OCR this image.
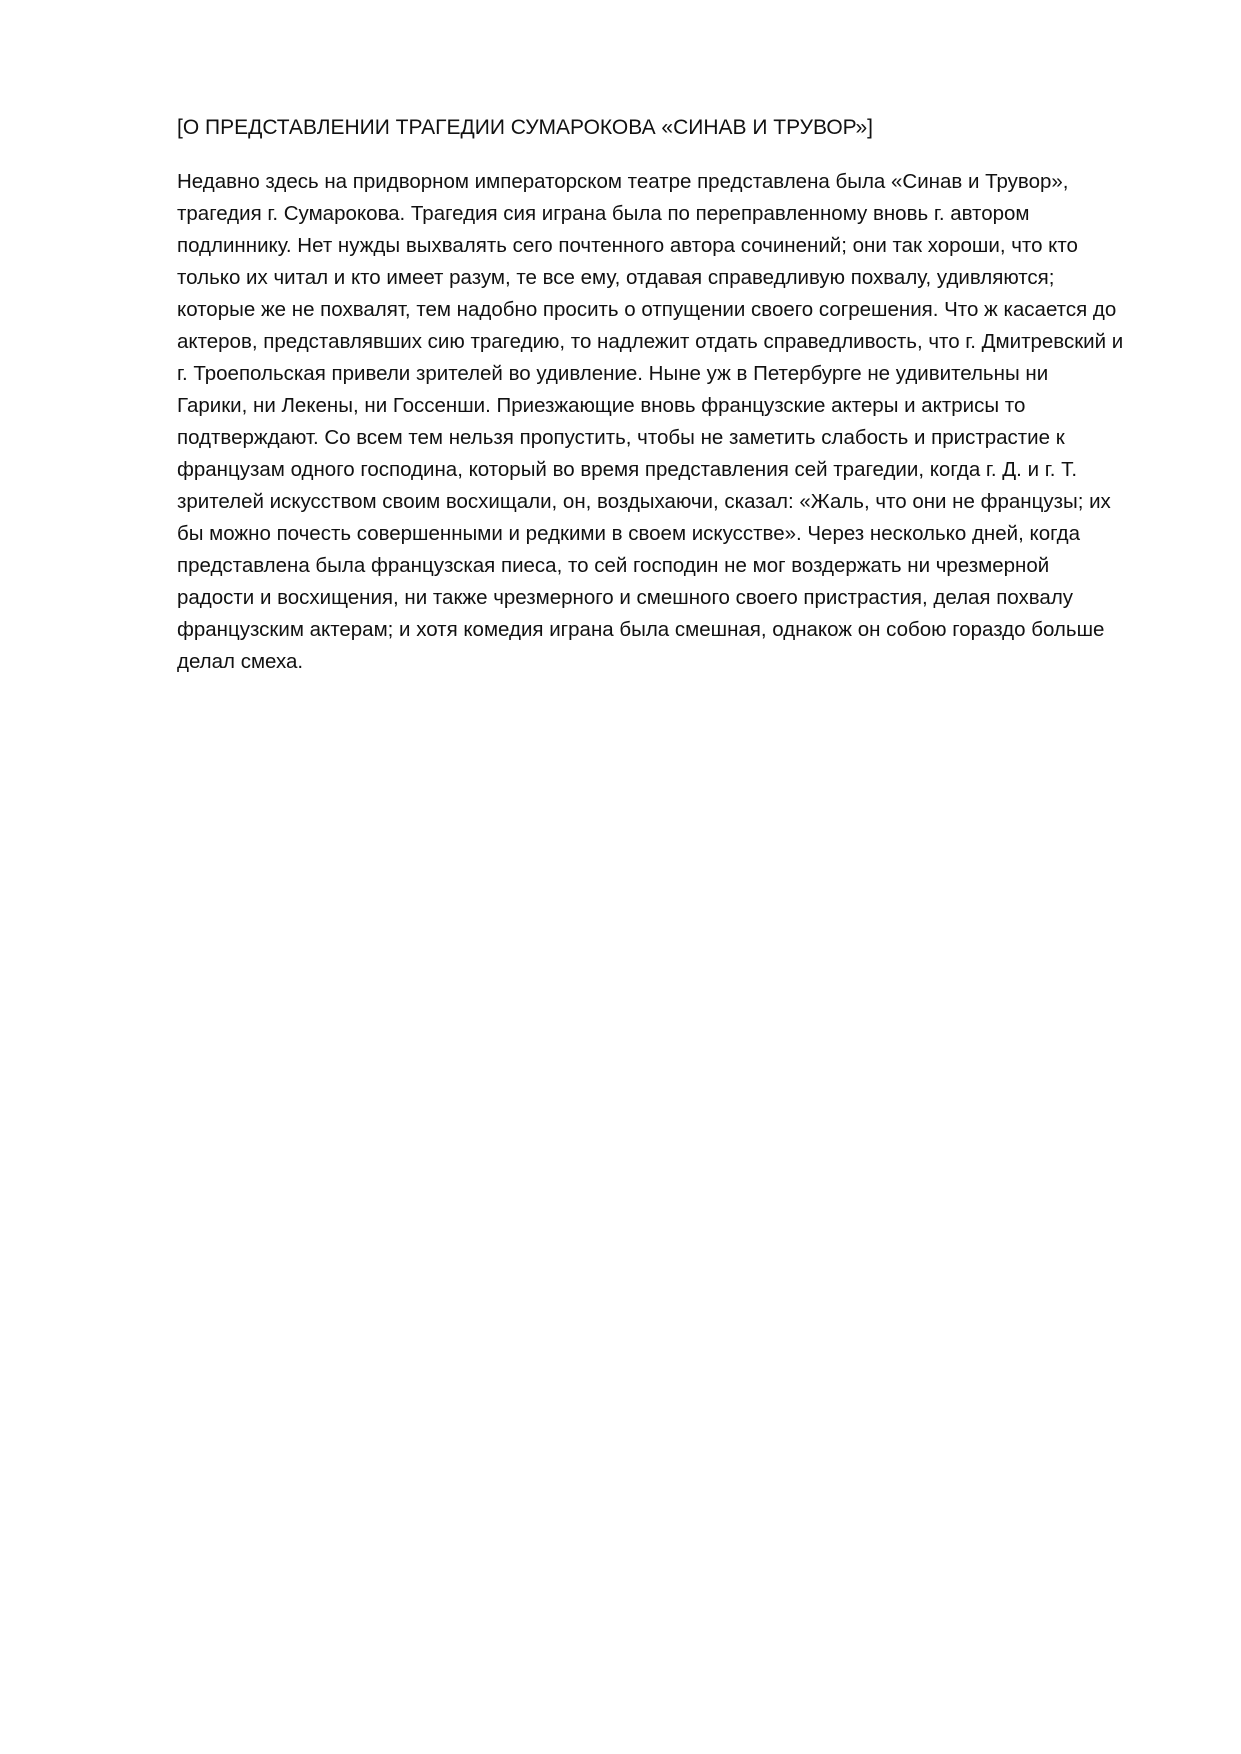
[О ПРЕДСТАВЛЕНИИ ТРАГЕДИИ СУМАРОКОВА «СИНАВ И ТРУВОР»]

Недавно здесь на придворном императорском театре представлена была «Синав и Трувор»,
трагедия г. Сумарокова. Трагедия сия играна была по переправленному вновь г. автором
подлиннику. Нет нужды выхвалять сего почтенного автора сочинений; они так хороши, что кто
только их читал и кто имеет разум, те все ему, отдавая справедливую похвалу, удивляются;
которые же не похвалят, тем надобно просить о отпущении своего согрешения. Что ж касается до
актеров, представлявших сию трагедию, то надлежит отдать справедливость, что г. Дмитревский и
г. Троепольская привели зрителей во удивление. Ныне уж в Петербурге не удивительны ни
Гарики, ни Лекены, ни Госсенши. Приезжающие вновь французские актеры и актрисы то
подтверждают. Со всем тем нельзя пропустить, чтобы не заметить слабость и пристрастие к
французам одного господина, который во время представления сей трагедии, когда г. Д. и г. Т.
зрителей искусством своим восхищали, он, воздыхаючи, сказал: «Жаль, что они не французы; их
бы можно почесть совершенными и редкими в своем искусстве». Через несколько дней, когда
представлена была французская пиеса, то сей господин не мог воздержать ни чрезмерной
радости и восхищения, ни также чрезмерного и смешного своего пристрастия, делая похвалу
французским актерам; и хотя комедия играна была смешная, однакож он собою гораздо больше
делал смеха.
